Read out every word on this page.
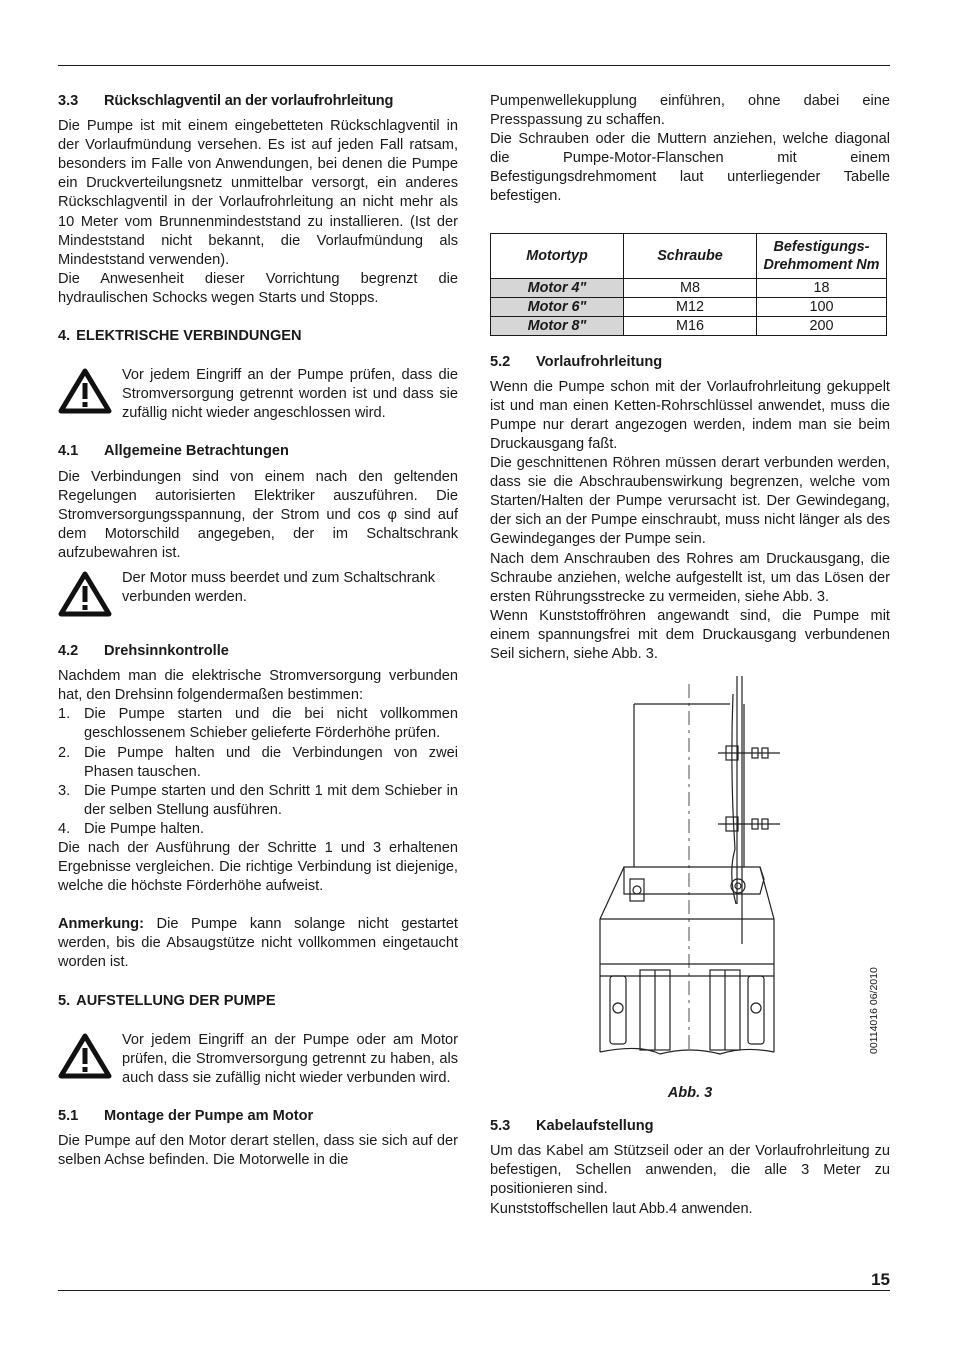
3.3 Rückschlagventil an der vorlaufrohrleitung

Die Pumpe ist mit einem eingebetteten Rückschlagventil in der Vorlaufmündung versehen. Es ist auf jeden Fall ratsam, besonders im Falle von Anwendungen, bei denen die Pumpe ein Druckverteilungsnetz unmittelbar versorgt, ein anderes Rückschlagventil in der Vorlaufrohrleitung an nicht mehr als 10 Meter vom Brunnenmindeststand zu installieren. (Ist der Mindeststand nicht bekannt, die Vorlaufmündung als Mindeststand verwenden).

Die Anwesenheit dieser Vorrichtung begrenzt die hydraulischen Schocks wegen Starts und Stopps.

4. ELEKTRISCHE VERBINDUNGEN
Vor jedem Eingriff an der Pumpe prüfen, dass die Stromversorgung getrennt worden ist und dass sie zufällig nicht wieder angeschlossen wird.
4.1 Allgemeine Betrachtungen

Die Verbindungen sind von einem nach den geltenden Regelungen autorisierten Elektriker auszuführen. Die Stromversorgungsspannung, der Strom und cos φ sind auf dem Motorschild angegeben, der im Schaltschrank aufzubewahren ist.

Der Motor muss beerdet und zum Schaltschrank verbunden werden.
4.2 Drehsinnkontrolle

Nachdem man die elektrische Stromversorgung verbunden hat, den Drehsinn folgendermaßen bestimmen:

1. Die Pumpe starten und die bei nicht vollkommen geschlossenem Schieber gelieferte Förderhöhe prüfen.
2. Die Pumpe halten und die Verbindungen von zwei Phasen tauschen.
3. Die Pumpe starten und den Schritt 1 mit dem Schieber in der selben Stellung ausführen.
4. Die Pumpe halten.

Die nach der Ausführung der Schritte 1 und 3 erhaltenen Ergebnisse vergleichen. Die richtige Verbindung ist diejenige, welche die höchste Förderhöhe aufweist.

Anmerkung: Die Pumpe kann solange nicht gestartet werden, bis die Absaugstütze nicht vollkommen eingetaucht worden ist.

5. AUFSTELLUNG DER PUMPE
Vor jedem Eingriff an der Pumpe oder am Motor prüfen, die Stromversorgung getrennt zu haben, als auch dass sie zufällig nicht wieder verbunden wird.
5.1 Montage der Pumpe am Motor

Die Pumpe auf den Motor derart stellen, dass sie sich auf der selben Achse befinden. Die Motorwelle in die

Pumpenwellekupplung einführen, ohne dabei eine Presspassung zu schaffen.

Die Schrauben oder die Muttern anziehen, welche diagonal die Pumpe-Motor-Flanschen mit einem Befestigungsdrehmoment laut unterliegender Tabelle befestigen.

Motortyp	Schraube	Befestigungs-
Drehmoment Nm
Motor 4"	M8	18
Motor 6"	M12	100
Motor 8"	M16	200
5.2 Vorlaufrohrleitung

Wenn die Pumpe schon mit der Vorlaufrohrleitung gekuppelt ist und man einen Ketten-Rohrschlüssel anwendet, muss die Pumpe nur derart angezogen werden, indem man sie beim Druckausgang faßt.

Die geschnittenen Röhren müssen derart verbunden werden, dass sie die Abschraubenswirkung begrenzen, welche vom Starten/Halten der Pumpe verursacht ist. Der Gewindegang, der sich an der Pumpe einschraubt, muss nicht länger als des Gewindeganges der Pumpe sein.

Nach dem Anschrauben des Rohres am Druckausgang, die Schraube anziehen, welche aufgestellt ist, um das Lösen der ersten Rührungsstrecke zu vermeiden, siehe Abb. 3.

Wenn Kunststoffröhren angewandt sind, die Pumpe mit einem spannungsfrei mit dem Druckausgang verbundenen Seil sichern, siehe Abb. 3.

00114016 06/2010
Abb. 3
5.3 Kabelaufstellung

Um das Kabel am Stützseil oder an der Vorlaufrohrleitung zu befestigen, Schellen anwenden, die alle 3 Meter zu positionieren sind.

Kunststoffschellen laut Abb.4 anwenden.

15
